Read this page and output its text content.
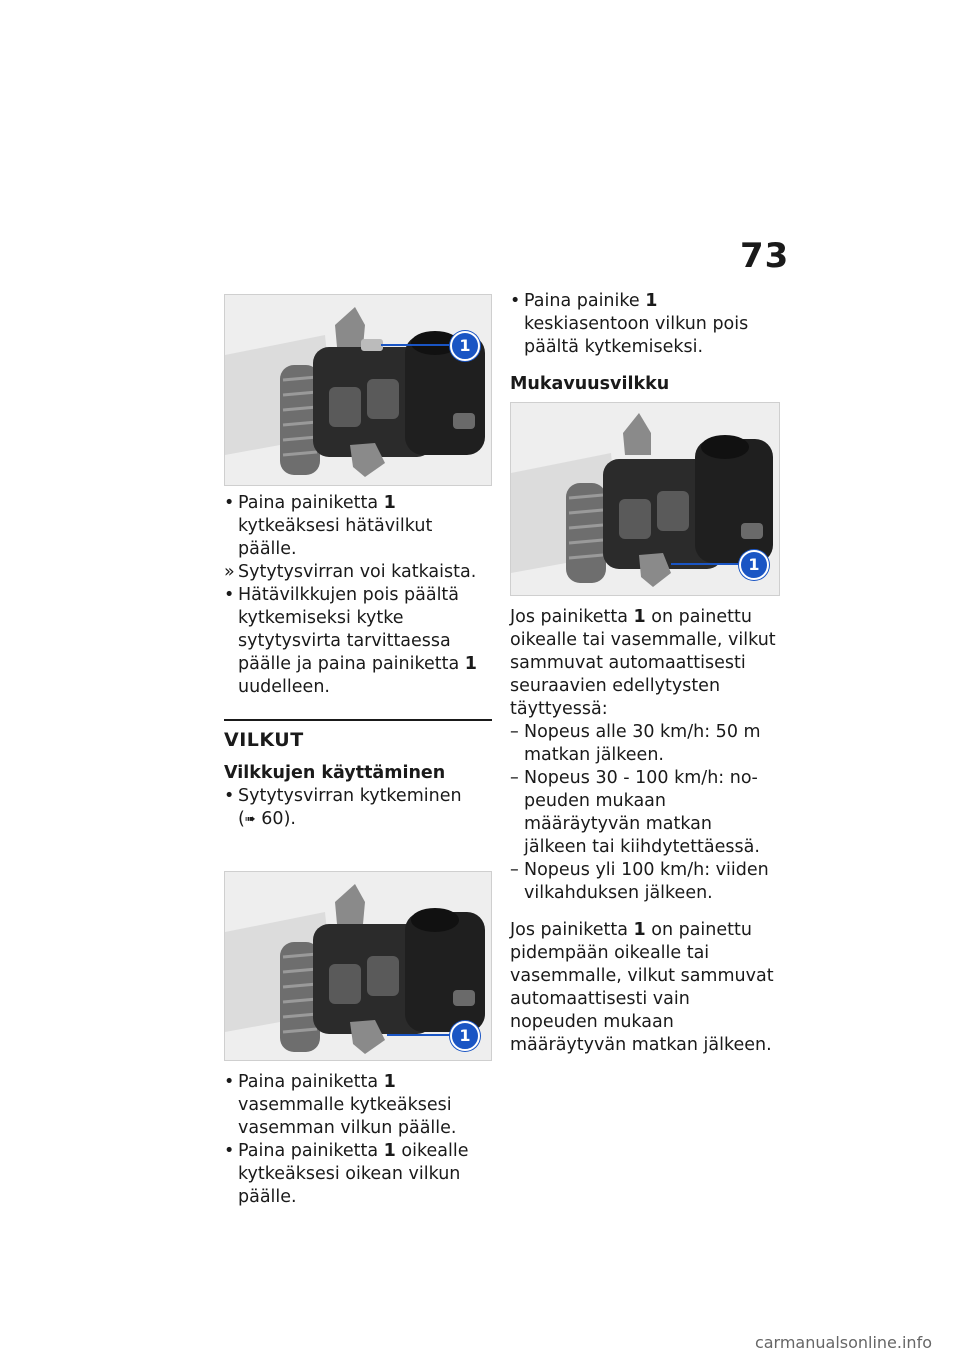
73
1
• Paina painiketta 1 kytkeäksesi hätävilkut päälle.
» Sytytysvirran voi katkaista.
• Hätävilkkujen pois päältä kytkemiseksi kytke sytytysvirta tarvittaessa päälle ja paina painiketta 1 uudelleen.
VILKUT
Vilkkujen käyttäminen
• Sytytysvirran kytkeminen
(➠ 60).
1
• Paina painiketta 1 vasemmalle kytkeäksesi vasemman vilkun päälle.
• Paina painiketta 1 oikealle kytkeäksesi oikean vilkun päälle.
• Paina painike 1 keskiasentoon vilkun pois päältä kytkemiseksi.
Mukavuusvilkku
1

Jos painiketta 1 on painettu oikealle tai vasemmalle, vilkut sammuvat automaattisesti seuraavien edellytysten täyttyessä:

– Nopeus alle 30 km/h: 50 m matkan jälkeen.
– Nopeus 30 - 100 km/h: nopeuden mukaan määräytyvän matkan jälkeen tai kiihdytettäessä.
– Nopeus yli 100 km/h: viiden vilkahduksen jälkeen.

Jos painiketta 1 on painettu pidempään oikealle tai vasemmalle, vilkut sammuvat automaattisesti vain nopeuden mukaan määräytyvän matkan jälkeen.

carmanualsonline.info
